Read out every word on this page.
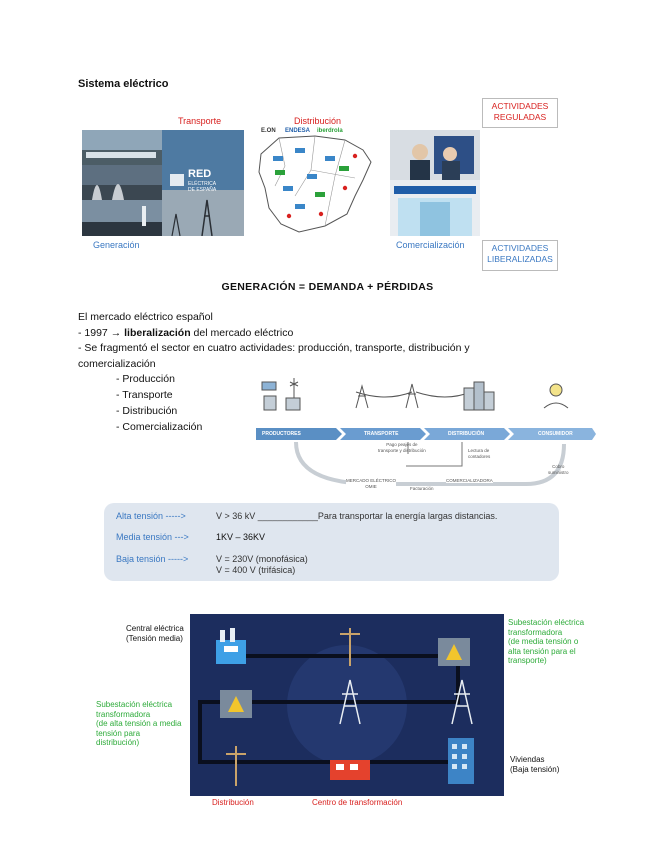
Sistema eléctrico
Transporte	Distribución
RED
ELÉCTRICA
DE ESPAÑA
E.ON ENDESA iberdrola
Generación	Comercialización
ACTIVIDADES
REGULADAS
ACTIVIDADES
LIBERALIZADAS
GENERACIÓN = DEMANDA + PÉRDIDAS
El mercado eléctrico español
- 1997 → liberalización del mercado eléctrico
- Se fragmentó el sector en cuatro actividades: producción, transporte, distribución y comercialización
- Producción
- Transporte
- Distribución
- Comercialización
PRODUCTORES	TRANSPORTE	DISTRIBUCIÓN	CONSUMIDOR
Pago peajes de
transporte y distribución	Lectura de
contadores
Cobro
suministro
MERCADO ELÉCTRICO
OMIE	Facturación
COMERCIALIZADORA
Alta tensión ----->	V > 36 kV ____________Para transportar la energía largas distancias.
Media tensión --->	1KV – 36KV
Baja tensión ----->	V = 230V (monofásica)
V = 400 V (trifásica)
Central eléctrica
(Tensión media)
Subestación eléctrica
transformadora
(de media tensión o
alta tensión para el
transporte)
Subestación eléctrica
transformadora
(de alta tensión a media
tensión para
distribución)
Viviendas
(Baja tensión)
Distribución	Centro de transformación
